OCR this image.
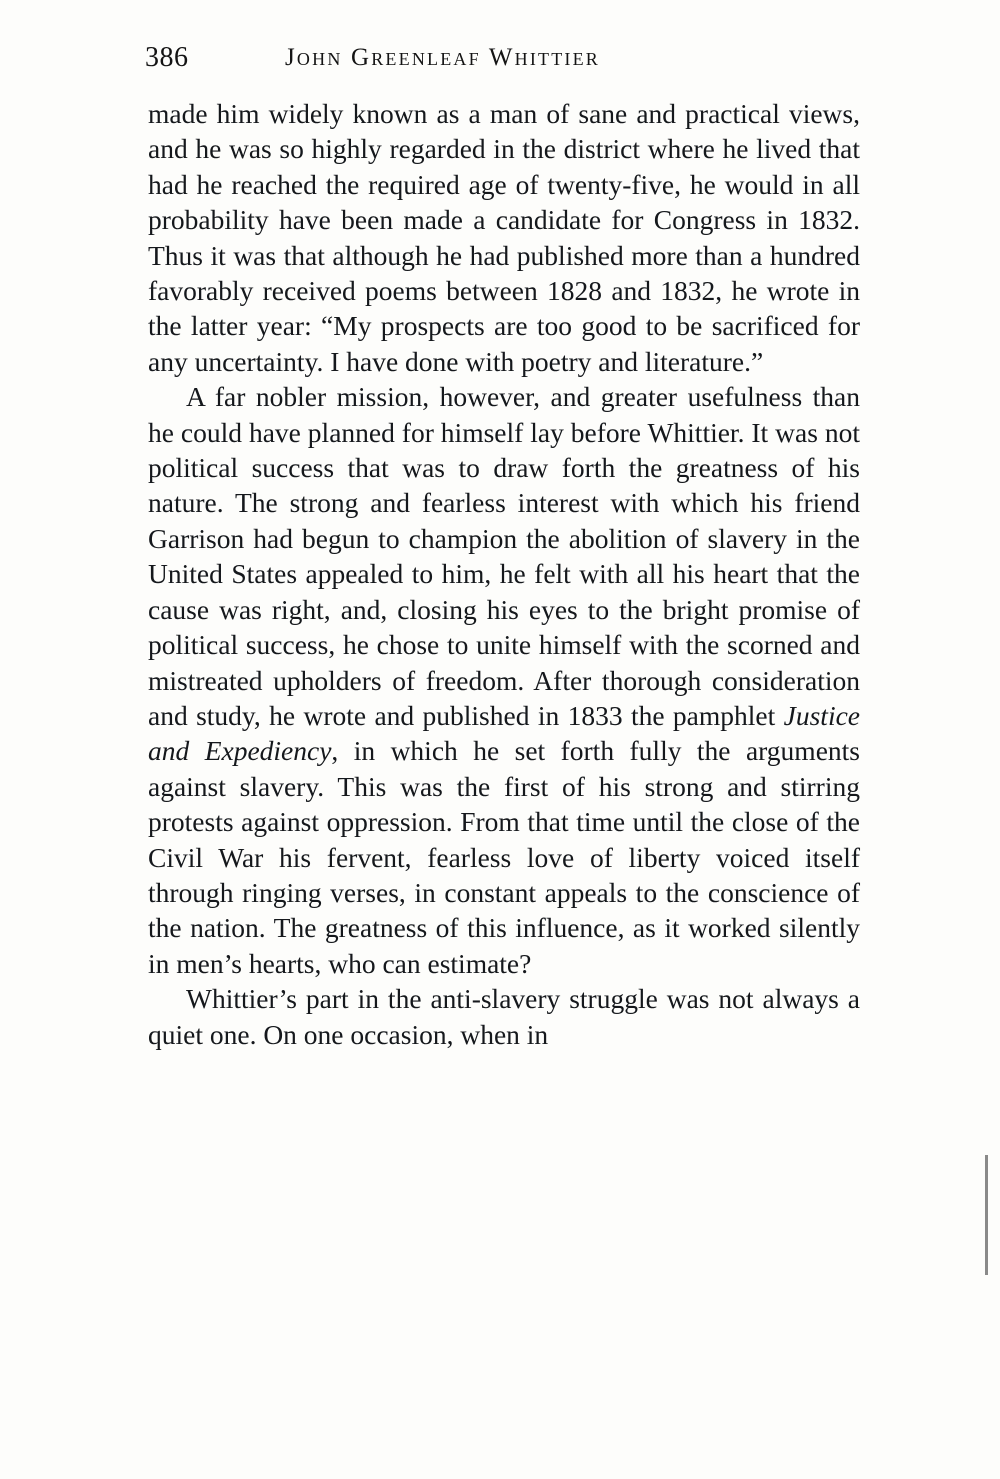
386	John Greenleaf Whittier

made him widely known as a man of sane and practical views, and he was so highly regarded in the district where he lived that had he reached the required age of twenty-five, he would in all probability have been made a candidate for Congress in 1832. Thus it was that although he had published more than a hundred favorably received poems between 1828 and 1832, he wrote in the latter year: “My prospects are too good to be sacrificed for any uncertainty. I have done with poetry and literature.”

A far nobler mission, however, and greater usefulness than he could have planned for himself lay before Whittier. It was not political success that was to draw forth the greatness of his nature. The strong and fearless interest with which his friend Garrison had begun to champion the abolition of slavery in the United States appealed to him, he felt with all his heart that the cause was right, and, closing his eyes to the bright promise of political success, he chose to unite himself with the scorned and mistreated upholders of freedom. After thorough consideration and study, he wrote and published in 1833 the pamphlet Justice and Expediency, in which he set forth fully the arguments against slavery. This was the first of his strong and stirring protests against oppression. From that time until the close of the Civil War his fervent, fearless love of liberty voiced itself through ringing verses, in constant appeals to the conscience of the nation. The greatness of this influence, as it worked silently in men’s hearts, who can estimate?

Whittier’s part in the anti-slavery struggle was not always a quiet one. On one occasion, when in
